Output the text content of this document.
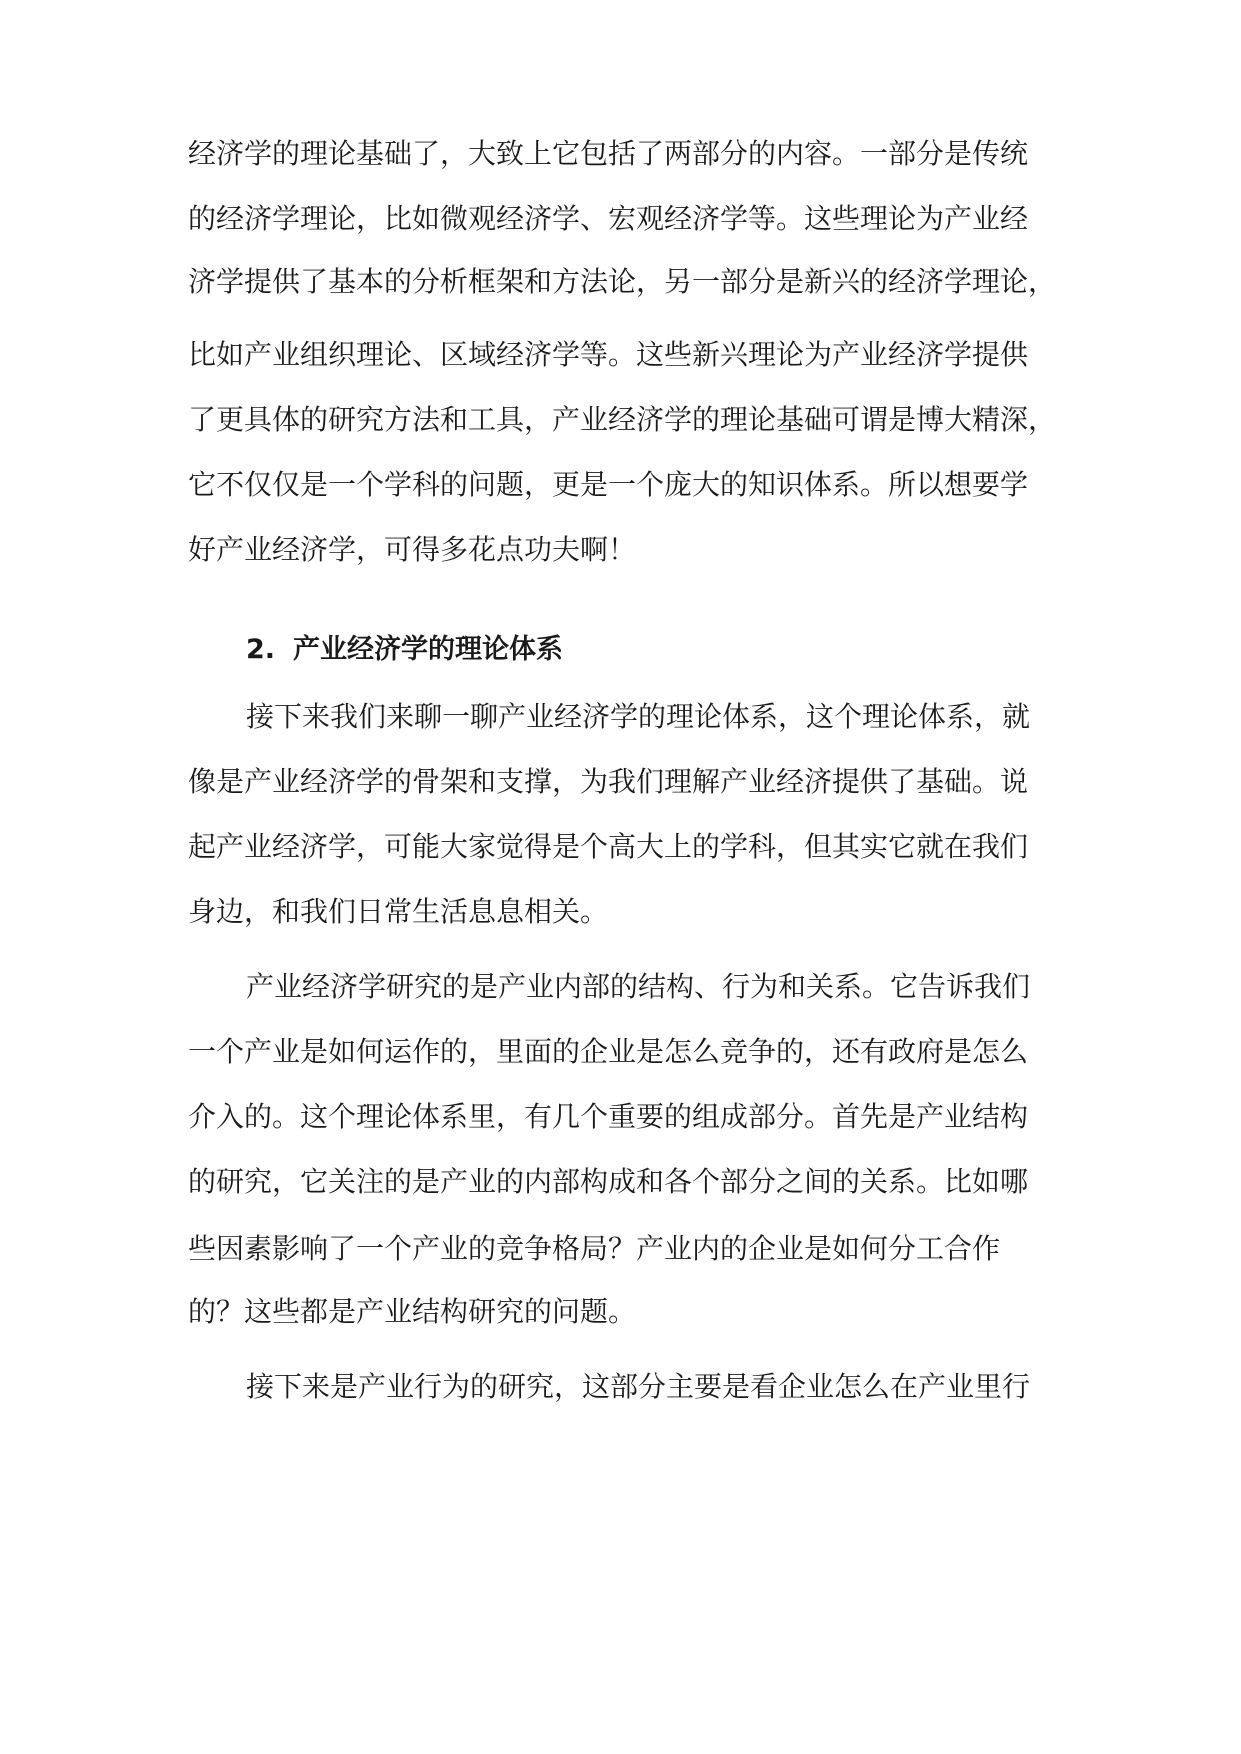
经济学的理论基础了，大致上它包括了两部分的内容。一部分是传统
的经济学理论，比如微观经济学、宏观经济学等。这些理论为产业经
济学提供了基本的分析框架和方法论，另一部分是新兴的经济学理论，
比如产业组织理论、区域经济学等。这些新兴理论为产业经济学提供
了更具体的研究方法和工具，产业经济学的理论基础可谓是博大精深，
它不仅仅是一个学科的问题，更是一个庞大的知识体系。所以想要学
好产业经济学，可得多花点功夫啊！
2. 产业经济学的理论体系
接下来我们来聊一聊产业经济学的理论体系，这个理论体系，就
像是产业经济学的骨架和支撑，为我们理解产业经济提供了基础。说
起产业经济学，可能大家觉得是个高大上的学科，但其实它就在我们
身边，和我们日常生活息息相关。
产业经济学研究的是产业内部的结构、行为和关系。它告诉我们
一个产业是如何运作的，里面的企业是怎么竞争的，还有政府是怎么
介入的。这个理论体系里，有几个重要的组成部分。首先是产业结构
的研究，它关注的是产业的内部构成和各个部分之间的关系。比如哪
些因素影响了一个产业的竞争格局？产业内的企业是如何分工合作
的？这些都是产业结构研究的问题。
接下来是产业行为的研究，这部分主要是看企业怎么在产业里行
